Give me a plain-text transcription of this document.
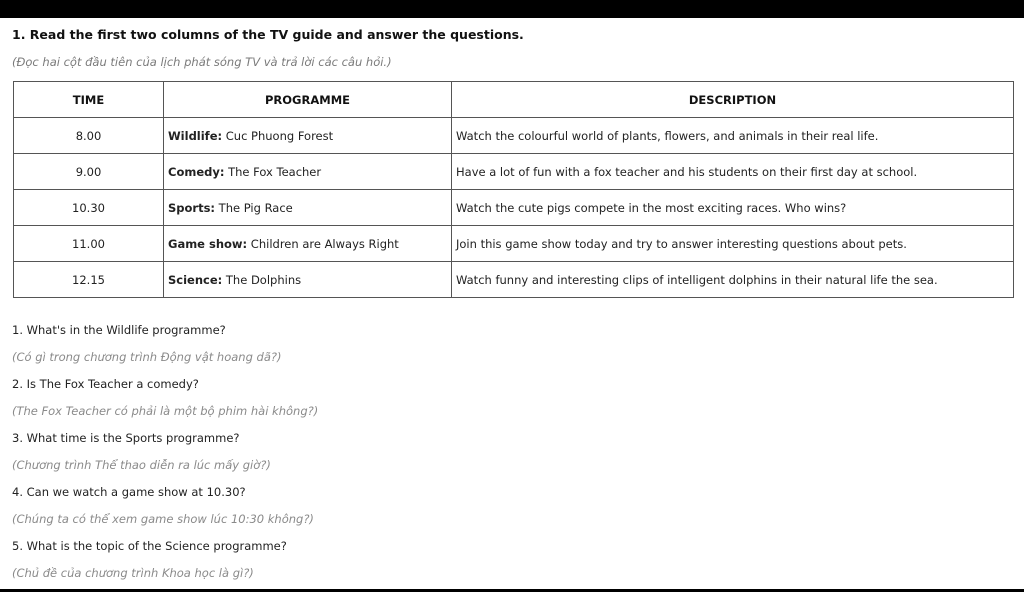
1. Read the first two columns of the TV guide and answer the questions.
(Đọc hai cột đầu tiên của lịch phát sóng TV và trả lời các câu hỏi.)
TIME	PROGRAMME	DESCRIPTION
8.00	Wildlife: Cuc Phuong Forest	Watch the colourful world of plants, flowers, and animals in their real life.
9.00	Comedy: The Fox Teacher	Have a lot of fun with a fox teacher and his students on their first day at school.
10.30	Sports: The Pig Race	Watch the cute pigs compete in the most exciting races. Who wins?
11.00	Game show: Children are Always Right	Join this game show today and try to answer interesting questions about pets.
12.15	Science: The Dolphins	Watch funny and interesting clips of intelligent dolphins in their natural life the sea.
1. What's in the Wildlife programme?
(Có gì trong chương trình Động vật hoang dã?)
2. Is The Fox Teacher a comedy?
(The Fox Teacher có phải là một bộ phim hài không?)
3. What time is the Sports programme?
(Chương trình Thể thao diễn ra lúc mấy giờ?)
4. Can we watch a game show at 10.30?
(Chúng ta có thể xem game show lúc 10:30 không?)
5. What is the topic of the Science programme?
(Chủ đề của chương trình Khoa học là gì?)
